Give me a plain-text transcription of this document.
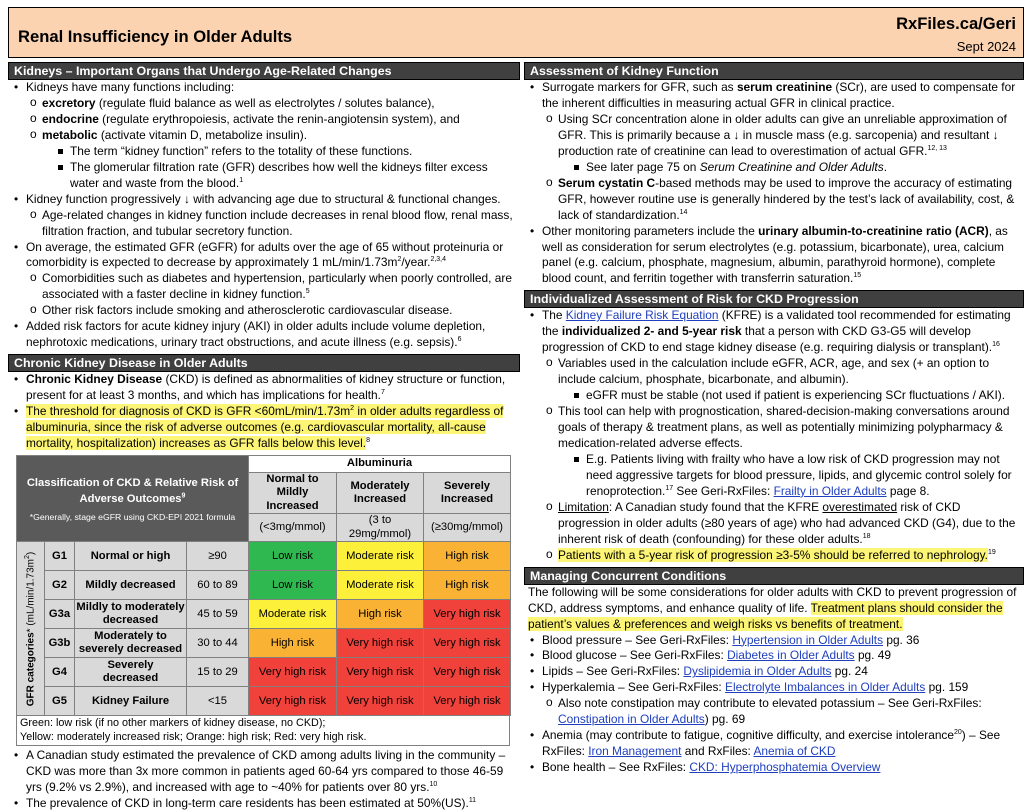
Renal Insufficiency in Older Adults
RxFiles.ca/Geri
Sept 2024
Kidneys – Important Organs that Undergo Age-Related Changes
• Kidneys have many functions including:
o excretory (regulate fluid balance as well as electrolytes / solutes balance),
o endocrine (regulate erythropoiesis, activate the renin-angiotensin system), and
o metabolic (activate vitamin D, metabolize insulin).
The term “kidney function” refers to the totality of these functions.
The glomerular filtration rate (GFR) describes how well the kidneys filter excess water and waste from the blood.$^1$
• Kidney function progressively ↓ with advancing age due to structural & functional changes.
o Age-related changes in kidney function include decreases in renal blood flow, renal mass, filtration fraction, and tubular secretory function.
• On average, the estimated GFR (eGFR) for adults over the age of 65 without proteinuria or comorbidity is expected to decrease by approximately 1 $mL/\min/1.73m^2/year.^{2,3,4}$
o Comorbidities such as diabetes and hypertension, particularly when poorly controlled, are associated with a faster decline in kidney function.$^5$
o Other risk factors include smoking and atherosclerotic cardiovascular disease.
• Added risk factors for acute kidney injury (AKI) in older adults include volume depletion, nephrotoxic medications, urinary tract obstructions, and acute illness (e.g. sepsis).$^6$
Chronic Kidney Disease in Older Adults
• Chronic Kidney Disease (CKD) is defined as abnormalities of kidney structure or function, present for at least 3 months, and which has implications for health.$^7$
• The threshold for diagnosis of CKD is GFR $<60mL/\min/1.73m^2$ in older adults regardless of albuminuria, since the risk of adverse outcomes (e.g. cardiovascular mortality, all-cause mortality, hospitalization) increases as GFR falls below this level.$^8$
Classification of CKD & Relative Risk of Adverse Outcomes$^9$
*Generally, stage eGFR using CKD-EPI 2021 formula				Albuminuria		
				Normal to Mildly Increased	Moderately Increased	Severely Increased
				(<3mg/mmol)	(3 to 29mg/mmol)	(≥30mg/mmol)

GFR categories* $(mL/\min/1.73m^2)$	G1	Normal or high	≥90	Low risk	Moderate risk	High risk
	G2	Mildly decreased	60 to 89	Low risk	Moderate risk	High risk
	G3a	Mildly to moderately decreased	45 to 59	Moderate risk	High risk	Very high risk
	G3b	Moderately to severely decreased	30 to 44	High risk	Very high risk	Very high risk
	G4	Severely decreased	15 to 29	Very high risk	Very high risk	Very high risk
	G5	Kidney Failure	<15	Very high risk	Very high risk	Very high risk
Green: low risk (if no other markers of kidney disease, no CKD);
Yellow: moderately increased risk; Orange: high risk; Red: very high risk.
• A Canadian study estimated the prevalence of CKD among adults living in the community – CKD was more than 3x more common in patients aged 60-64 yrs compared to those 46-59 yrs (9.2% vs 2.9%), and increased with age to ~40% for patients over 80 yrs.$^{10}$
• The prevalence of CKD in long-term care residents has been estimated at 50%(US).$^{11}$
Assessment of Kidney Function
• Surrogate markers for GFR, such as serum creatinine (SCr), are used to compensate for the inherent difficulties in measuring actual GFR in clinical practice.
o Using SCr concentration alone in older adults can give an unreliable approximation of GFR. This is primarily because a ↓ in muscle mass (e.g. sarcopenia) and resultant ↓ production rate of creatinine can lead to overestimation of actual GFR.$^{12, 13}$
See later page 75 on Serum Creatinine and Older Adults.
o Serum cystatin C-based methods may be used to improve the accuracy of estimating GFR, however routine use is generally hindered by the test’s lack of availability, cost, & lack of standardization.$^{14}$
• Other monitoring parameters include the urinary albumin-to-creatinine ratio (ACR), as well as consideration for serum electrolytes (e.g. potassium, bicarbonate), urea, calcium panel (e.g. calcium, phosphate, magnesium, albumin, parathyroid hormone), complete blood count, and ferritin together with transferrin saturation.$^{15}$
Individualized Assessment of Risk for CKD Progression
• The Kidney Failure Risk Equation (KFRE) is a validated tool recommended for estimating the individualized 2- and 5-year risk that a person with CKD G3-G5 will develop progression of CKD to end stage kidney disease (e.g. requiring dialysis or transplant).$^{16}$
o Variables used in the calculation include eGFR, ACR, age, and sex (+ an option to include calcium, phosphate, bicarbonate, and albumin).
eGFR must be stable (not used if patient is experiencing SCr fluctuations / AKI).
o This tool can help with prognostication, shared-decision-making conversations around goals of therapy & treatment plans, as well as potentially minimizing polypharmacy & medication-related adverse effects.
E.g. Patients living with frailty who have a low risk of CKD progression may not need aggressive targets for blood pressure, lipids, and glycemic control solely for renoprotection.$^{17}$ See Geri-RxFiles: Frailty in Older Adults page 8.
o Limitation: A Canadian study found that the KFRE overestimated risk of CKD progression in older adults (≥80 years of age) who had advanced CKD (G4), due to the inherent risk of death (confounding) for these older adults.$^{18}$
o Patients with a 5-year risk of progression ≥3-5% should be referred to nephrology.$^{19}$
Managing Concurrent Conditions
The following will be some considerations for older adults with CKD to prevent progression of CKD, address symptoms, and enhance quality of life. Treatment plans should consider the patient’s values & preferences and weigh risks vs benefits of treatment.
• Blood pressure – See Geri-RxFiles: Hypertension in Older Adults pg. 36
• Blood glucose – See Geri-RxFiles: Diabetes in Older Adults pg. 49
• Lipids – See Geri-RxFiles: Dyslipidemia in Older Adults pg. 24
• Hyperkalemia – See Geri-RxFiles: Electrolyte Imbalances in Older Adults pg. 159
o Also note constipation may contribute to elevated potassium – See Geri-RxFiles: Constipation in Older Adults) pg. 69
• Anemia (may contribute to fatigue, cognitive difficulty, and exercise intolerance$^{20}$) – See RxFiles: Iron Management and RxFiles: Anemia of CKD
• Bone health – See RxFiles: CKD: Hyperphosphatemia Overview
